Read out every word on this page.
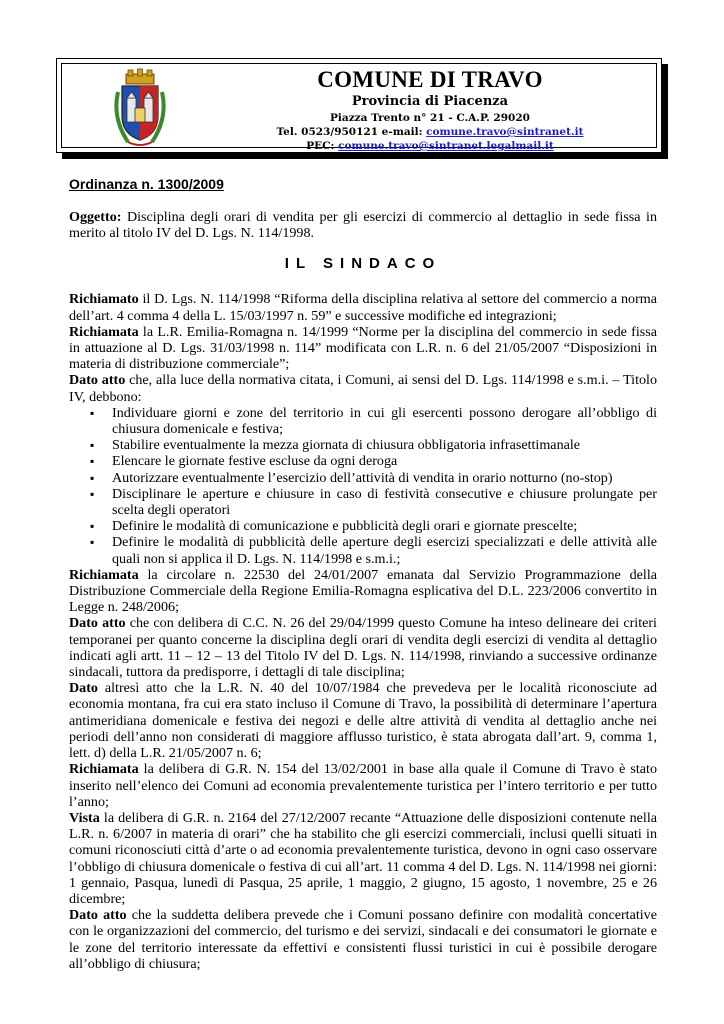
COMUNE DI TRAVO
Provincia di Piacenza
Piazza Trento n° 21 - C.A.P. 29020
Tel. 0523/950121 e-mail: comune.travo@sintranet.it
PEC: comune.travo@sintranet.legalmail.it
Ordinanza n. 1300/2009

Oggetto: Disciplina degli orari di vendita per gli esercizi di commercio al dettaglio in sede fissa in merito al titolo IV del D. Lgs. N. 114/1998.

IL SINDACO

Richiamato il D. Lgs. N. 114/1998 “Riforma della disciplina relativa al settore del commercio a norma dell’art. 4 comma 4 della L. 15/03/1997 n. 59” e successive modifiche ed integrazioni;

Richiamata la L.R. Emilia-Romagna n. 14/1999 “Norme per la disciplina del commercio in sede fissa in attuazione al D. Lgs. 31/03/1998 n. 114” modificata con L.R. n. 6 del 21/05/2007 “Disposizioni in materia di distribuzione commerciale”;

Dato atto che, alla luce della normativa citata, i Comuni, ai sensi del D. Lgs. 114/1998 e s.m.i. – Titolo IV, debbono:

▪ Individuare giorni e zone del territorio in cui gli esercenti possono derogare all’obbligo di chiusura domenicale e festiva;
▪ Stabilire eventualmente la mezza giornata di chiusura obbligatoria infrasettimanale
▪ Elencare le giornate festive escluse da ogni deroga
▪ Autorizzare eventualmente l’esercizio dell’attività di vendita in orario notturno (no-stop)
▪ Disciplinare le aperture e chiusure in caso di festività consecutive e chiusure prolungate per scelta degli operatori
▪ Definire le modalità di comunicazione e pubblicità degli orari e giornate prescelte;
▪ Definire le modalità di pubblicità delle aperture degli esercizi specializzati e delle attività alle quali non si applica il D. Lgs. N. 114/1998 e s.m.i.;

Richiamata la circolare n. 22530 del 24/01/2007 emanata dal Servizio Programmazione della Distribuzione Commerciale della Regione Emilia-Romagna esplicativa del D.L. 223/2006 convertito in Legge n. 248/2006;

Dato atto che con delibera di C.C. N. 26 del 29/04/1999 questo Comune ha inteso delineare dei criteri temporanei per quanto concerne la disciplina degli orari di vendita degli esercizi di vendita al dettaglio indicati agli artt. 11 – 12 – 13 del Titolo IV del D. Lgs. N. 114/1998, rinviando a successive ordinanze sindacali, tuttora da predisporre, i dettagli di tale disciplina;

Dato altresì atto che la L.R. N. 40 del 10/07/1984 che prevedeva per le località riconosciute ad economia montana, fra cui era stato incluso il Comune di Travo, la possibilità di determinare l’apertura antimeridiana domenicale e festiva dei negozi e delle altre attività di vendita al dettaglio anche nei periodi dell’anno non considerati di maggiore afflusso turistico, è stata abrogata dall’art. 9, comma 1, lett. d) della L.R. 21/05/2007 n. 6;

Richiamata la delibera di G.R. N. 154 del 13/02/2001 in base alla quale il Comune di Travo è stato inserito nell’elenco dei Comuni ad economia prevalentemente turistica per l’intero territorio e per tutto l’anno;

Vista la delibera di G.R. n. 2164 del 27/12/2007 recante “Attuazione delle disposizioni contenute nella L.R. n. 6/2007 in materia di orari” che ha stabilito che gli esercizi commerciali, inclusi quelli situati in comuni riconosciuti città d’arte o ad economia prevalentemente turistica, devono in ogni caso osservare l’obbligo di chiusura domenicale o festiva di cui all’art. 11 comma 4 del D. Lgs. N. 114/1998 nei giorni: 1 gennaio, Pasqua, lunedì di Pasqua, 25 aprile, 1 maggio, 2 giugno, 15 agosto, 1 novembre, 25 e 26 dicembre;

Dato atto che la suddetta delibera prevede che i Comuni possano definire con modalità concertative con le organizzazioni del commercio, del turismo e dei servizi, sindacali e dei consumatori le giornate e le zone del territorio interessate da effettivi e consistenti flussi turistici in cui è possibile derogare all’obbligo di chiusura;
